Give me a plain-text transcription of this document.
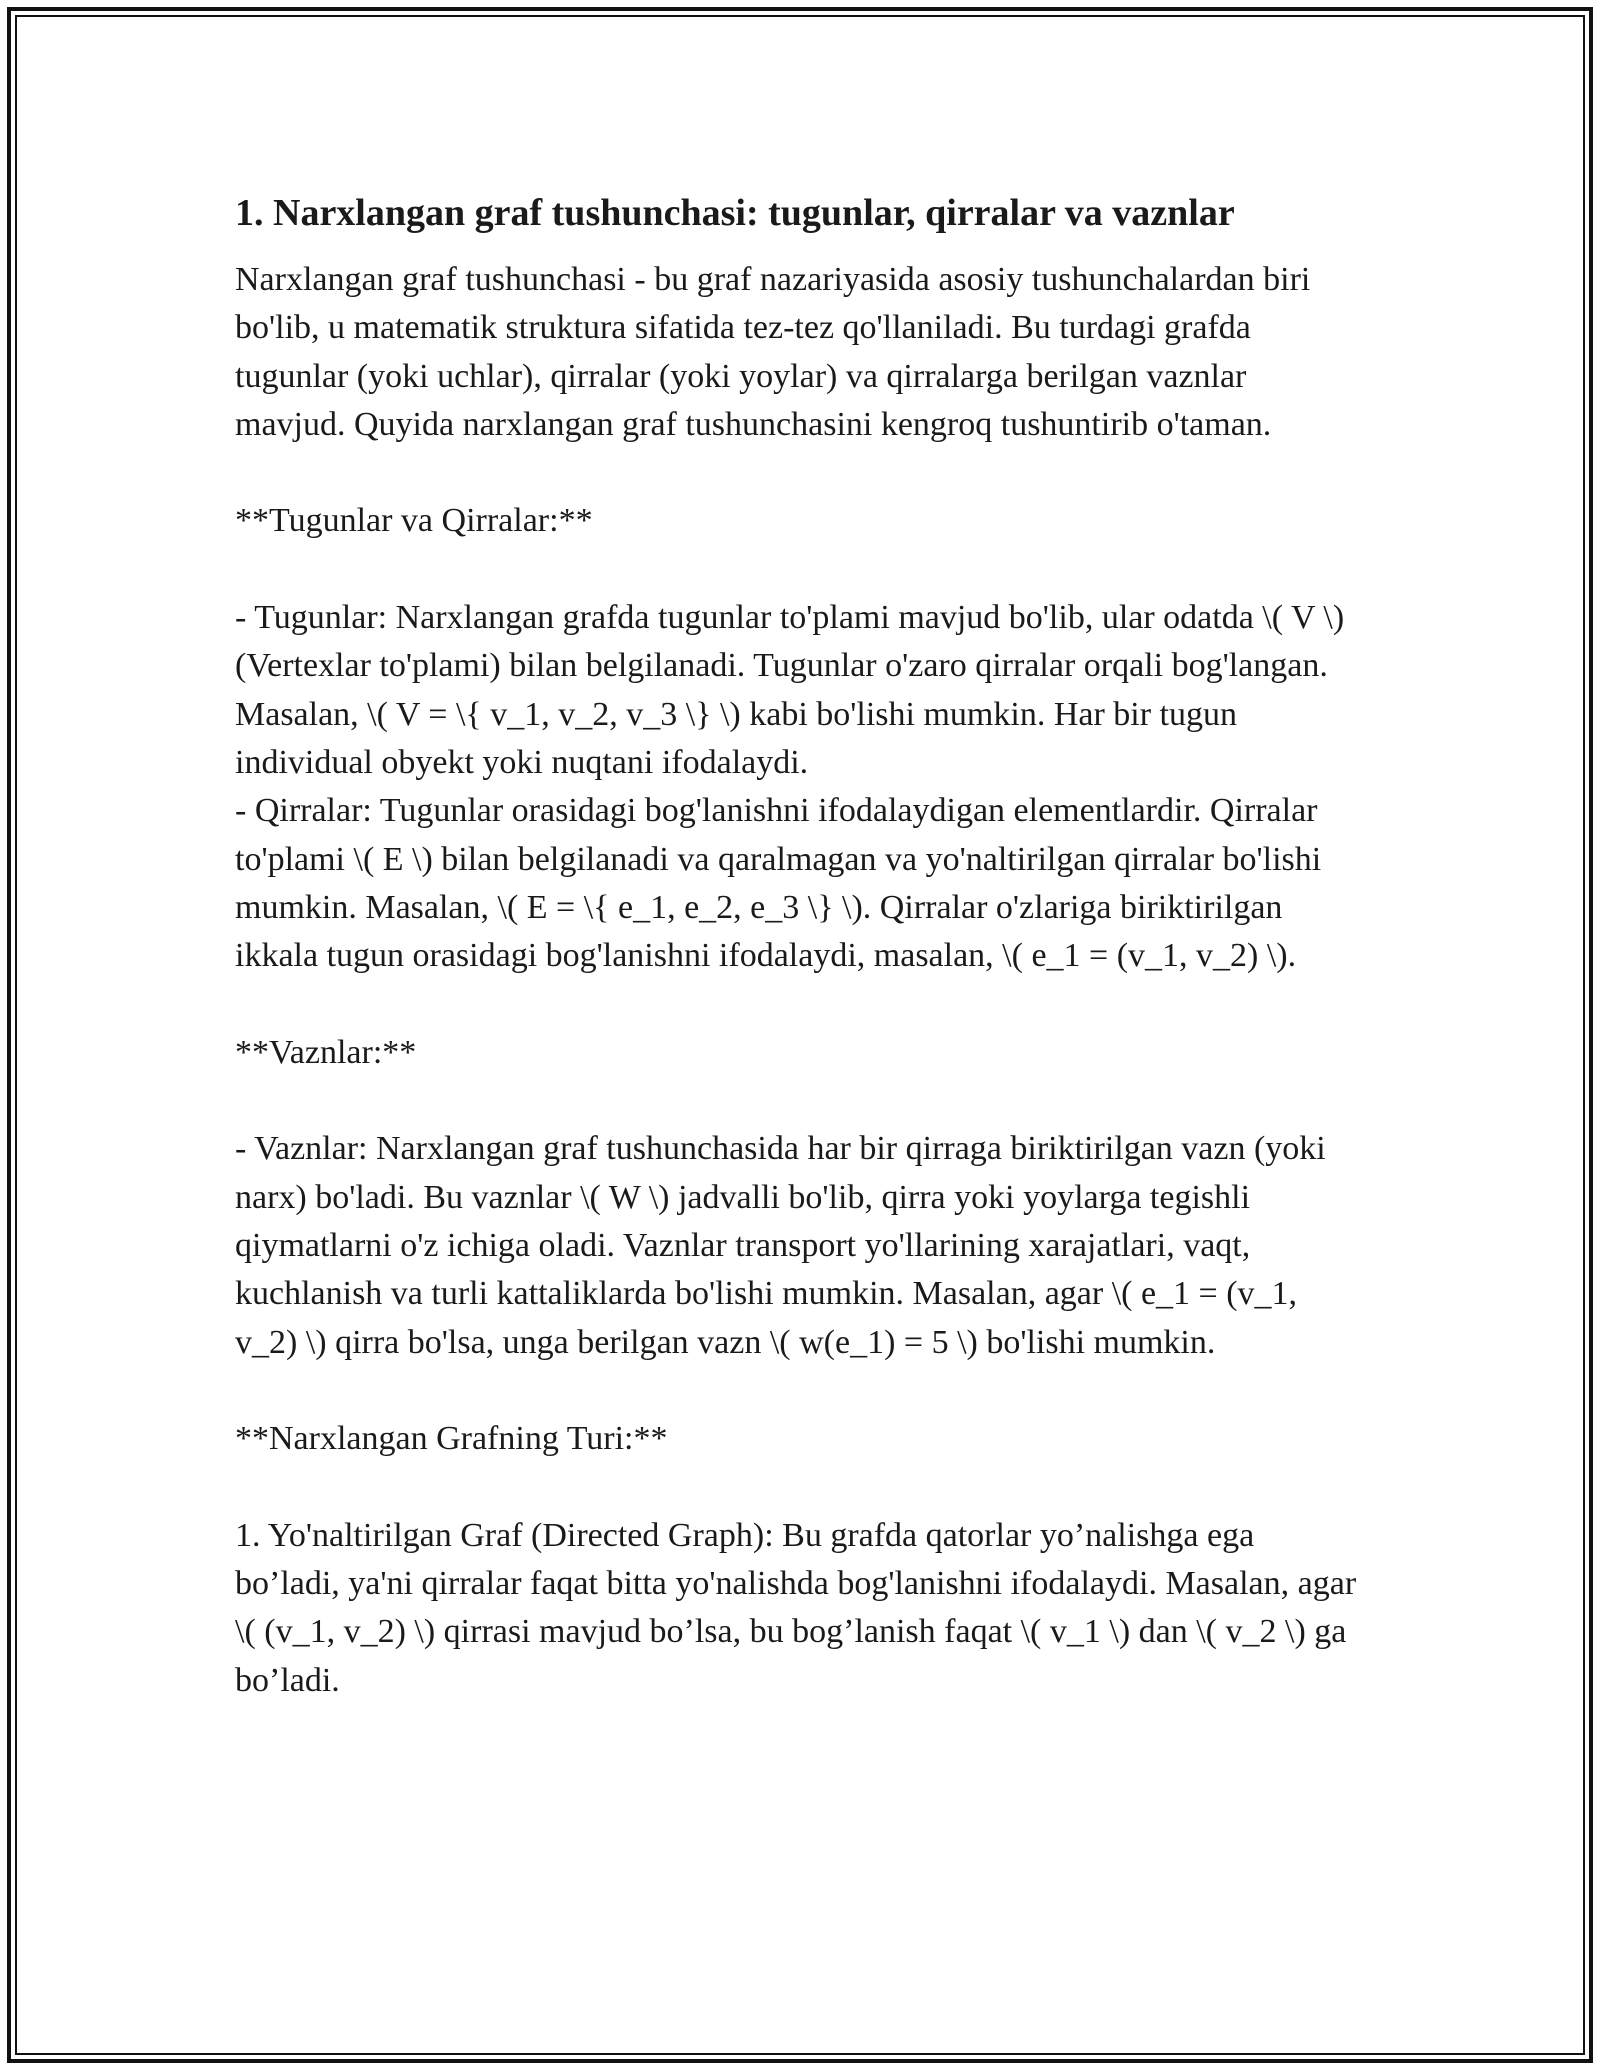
1. Narxlangan graf tushunchasi: tugunlar, qirralar va vaznlar

Narxlangan graf tushunchasi - bu graf nazariyasida asosiy tushunchalardan biri bo'lib, u matematik struktura sifatida tez-tez qo'llaniladi. Bu turdagi grafda tugunlar (yoki uchlar), qirralar (yoki yoylar) va qirralarga berilgan vaznlar mavjud. Quyida narxlangan graf tushunchasini kengroq tushuntirib o'taman.

**Tugunlar va Qirralar:**

- Tugunlar: Narxlangan grafda tugunlar to'plami mavjud bo'lib, ular odatda \( V \) (Vertexlar to'plami) bilan belgilanadi. Tugunlar o'zaro qirralar orqali bog'langan. Masalan, \( V = \{ v_1, v_2, v_3 \} \) kabi bo'lishi mumkin. Har bir tugun individual obyekt yoki nuqtani ifodalaydi.

- Qirralar: Tugunlar orasidagi bog'lanishni ifodalaydigan elementlardir. Qirralar to'plami \( E \) bilan belgilanadi va qaralmagan va yo'naltirilgan qirralar bo'lishi mumkin. Masalan, \( E = \{ e_1, e_2, e_3 \} \). Qirralar o'zlariga biriktirilgan ikkala tugun orasidagi bog'lanishni ifodalaydi, masalan, \( e_1 = (v_1, v_2) \).

**Vaznlar:**

- Vaznlar: Narxlangan graf tushunchasida har bir qirraga biriktirilgan vazn (yoki narx) bo'ladi. Bu vaznlar \( W \) jadvalli bo'lib, qirra yoki yoylarga tegishli qiymatlarni o'z ichiga oladi. Vaznlar transport yo'llarining xarajatlari, vaqt, kuchlanish va turli kattaliklarda bo'lishi mumkin. Masalan, agar \( e_1 = (v_1, v_2) \) qirra bo'lsa, unga berilgan vazn \( w(e_1) = 5 \) bo'lishi mumkin.

**Narxlangan Grafning Turi:**

1. Yo'naltirilgan Graf (Directed Graph): Bu grafda qatorlar yo’nalishga ega bo’ladi, ya'ni qirralar faqat bitta yo'nalishda bog'lanishni ifodalaydi. Masalan, agar \( (v_1, v_2) \) qirrasi mavjud bo’lsa, bu bog’lanish faqat \( v_1 \) dan \( v_2 \) ga bo’ladi.
